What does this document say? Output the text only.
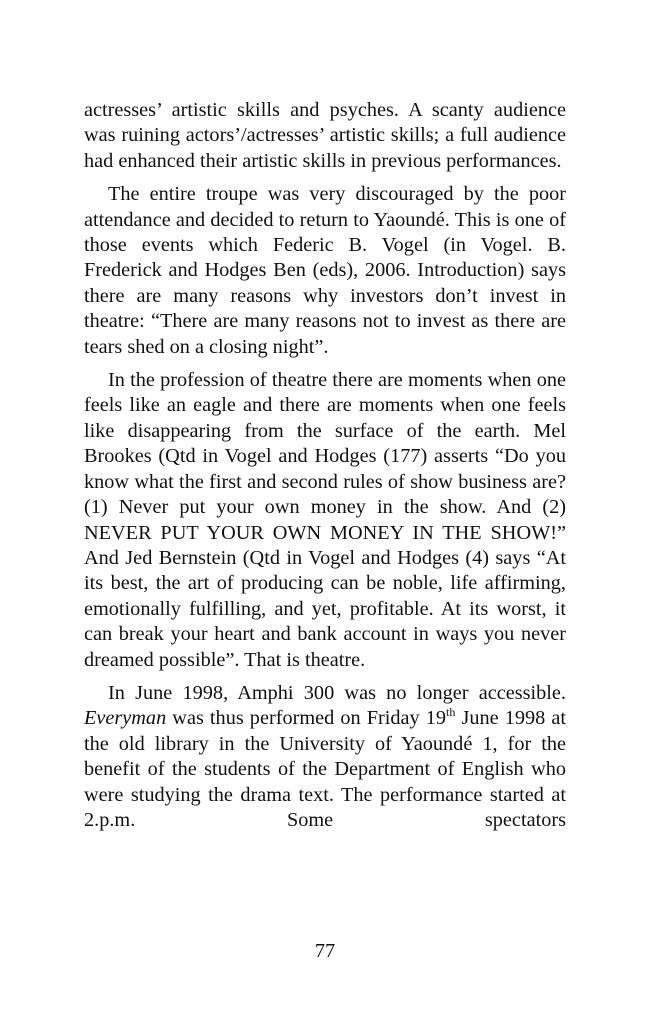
actresses’ artistic skills and psyches. A scanty audience was ruining actors’/actresses’ artistic skills; a full audience had enhanced their artistic skills in previous performances.

The entire troupe was very discouraged by the poor attendance and decided to return to Yaoundé. This is one of those events which Federic B. Vogel (in Vogel. B. Frederick and Hodges Ben (eds), 2006. Introduction) says there are many reasons why investors don’t invest in theatre: “There are many reasons not to invest as there are tears shed on a closing night”.

In the profession of theatre there are moments when one feels like an eagle and there are moments when one feels like disappearing from the surface of the earth. Mel Brookes (Qtd in Vogel and Hodges (177) asserts “Do you know what the first and second rules of show business are? (1) Never put your own money in the show. And (2) NEVER PUT YOUR OWN MONEY IN THE SHOW!” And Jed Bernstein (Qtd in Vogel and Hodges (4) says “At its best, the art of producing can be noble, life affirming, emotionally fulfilling, and yet, profitable. At its worst, it can break your heart and bank account in ways you never dreamed possible”. That is theatre.

In June 1998, Amphi 300 was no longer accessible. Everyman was thus performed on Friday 19th June 1998 at the old library in the University of Yaoundé 1, for the benefit of the students of the Department of English who were studying the drama text. The performance started at 2.p.m. Some spectators

77
